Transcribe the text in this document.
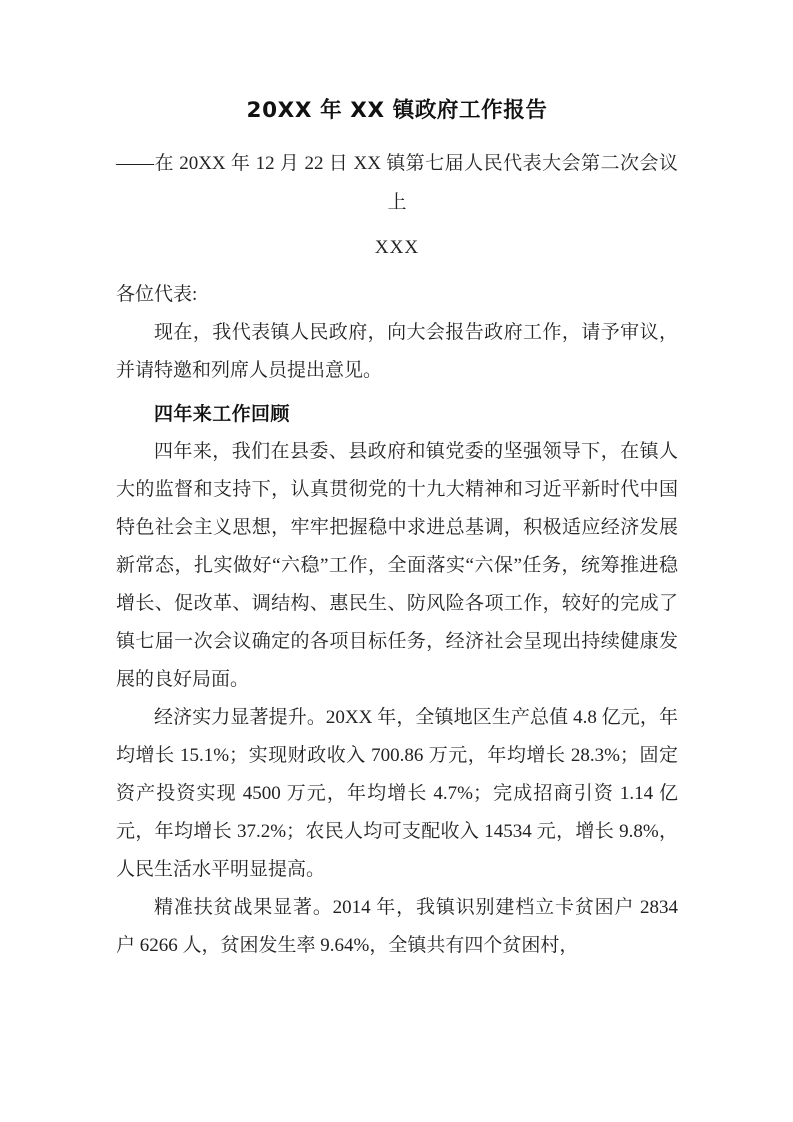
20XX 年 XX 镇政府工作报告

——在 20XX 年 12 月 22 日 XX 镇第七届人民代表大会第二次会议上

XXX

各位代表:

现在，我代表镇人民政府，向大会报告政府工作，请予审议，并请特邀和列席人员提出意见。

四年来工作回顾

四年来，我们在县委、县政府和镇党委的坚强领导下，在镇人大的监督和支持下，认真贯彻党的十九大精神和习近平新时代中国特色社会主义思想，牢牢把握稳中求进总基调，积极适应经济发展新常态，扎实做好“六稳”工作，全面落实“六保”任务，统筹推进稳增长、促改革、调结构、惠民生、防风险各项工作，较好的完成了镇七届一次会议确定的各项目标任务，经济社会呈现出持续健康发展的良好局面。

经济实力显著提升。20XX 年，全镇地区生产总值 4.8 亿元，年均增长 15.1%；实现财政收入 700.86 万元，年均增长 28.3%；固定资产投资实现 4500 万元，年均增长 4.7%；完成招商引资 1.14 亿元，年均增长 37.2%；农民人均可支配收入 14534 元，增长 9.8%，人民生活水平明显提高。

精准扶贫战果显著。2014 年，我镇识别建档立卡贫困户 2834 户 6266 人，贫困发生率 9.64%，全镇共有四个贫困村，
